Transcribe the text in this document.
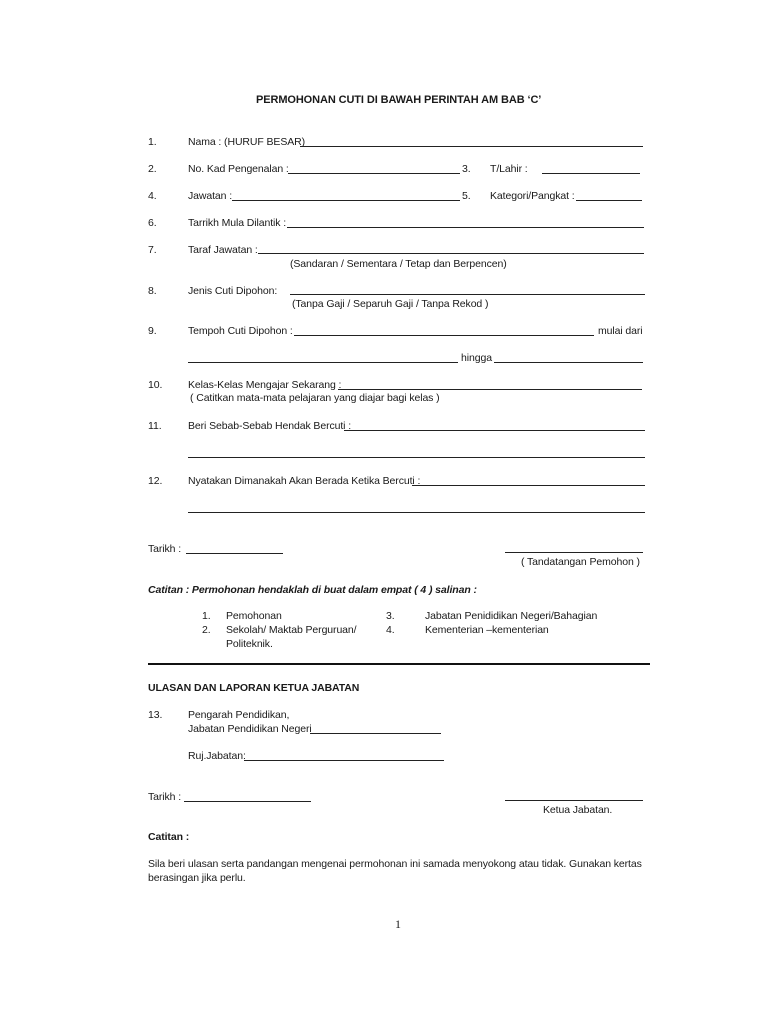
PERMOHONAN CUTI DI BAWAH PERINTAH AM BAB ‘C’
1.	Nama : (HURUF BESAR)
2.	No. Kad Pengenalan :	3. T/Lahir :
4.	Jawatan :	5. Kategori/Pangkat :
6.	Tarrikh Mula Dilantik :
7.	Taraf Jawatan :
(Sandaran / Sementara / Tetap dan Berpencen)
8.	Jenis Cuti Dipohon:
(Tanpa Gaji / Separuh Gaji / Tanpa Rekod )
9.	Tempoh Cuti Dipohon :	mulai dari
hingga
10. Kelas-Kelas Mengajar Sekarang :
( Catitkan mata-mata pelajaran yang diajar bagi kelas )
11.	Beri Sebab-Sebab Hendak Bercuti :
12. Nyatakan Dimanakah Akan Berada Ketika Bercuti :
Tarikh :
( Tandatangan Pemohon )
Catitan : Permohonan hendaklah di buat dalam empat ( 4 ) salinan :
1. Pemohonan
2. Sekolah/ Maktab Perguruan/
Politeknik.
3.	Jabatan Penididikan Negeri/Bahagian
4.	Kementerian –kementerian
ULASAN DAN LAPORAN KETUA JABATAN
13. Pengarah Pendidikan,
Jabatan Pendidikan Negeri
Ruj.Jabatan:
Tarikh :
Ketua Jabatan.
Catitan :
Sila beri ulasan serta pandangan mengenai permohonan ini samada menyokong atau tidak. Gunakan kertas
berasingan jika perlu.
1
